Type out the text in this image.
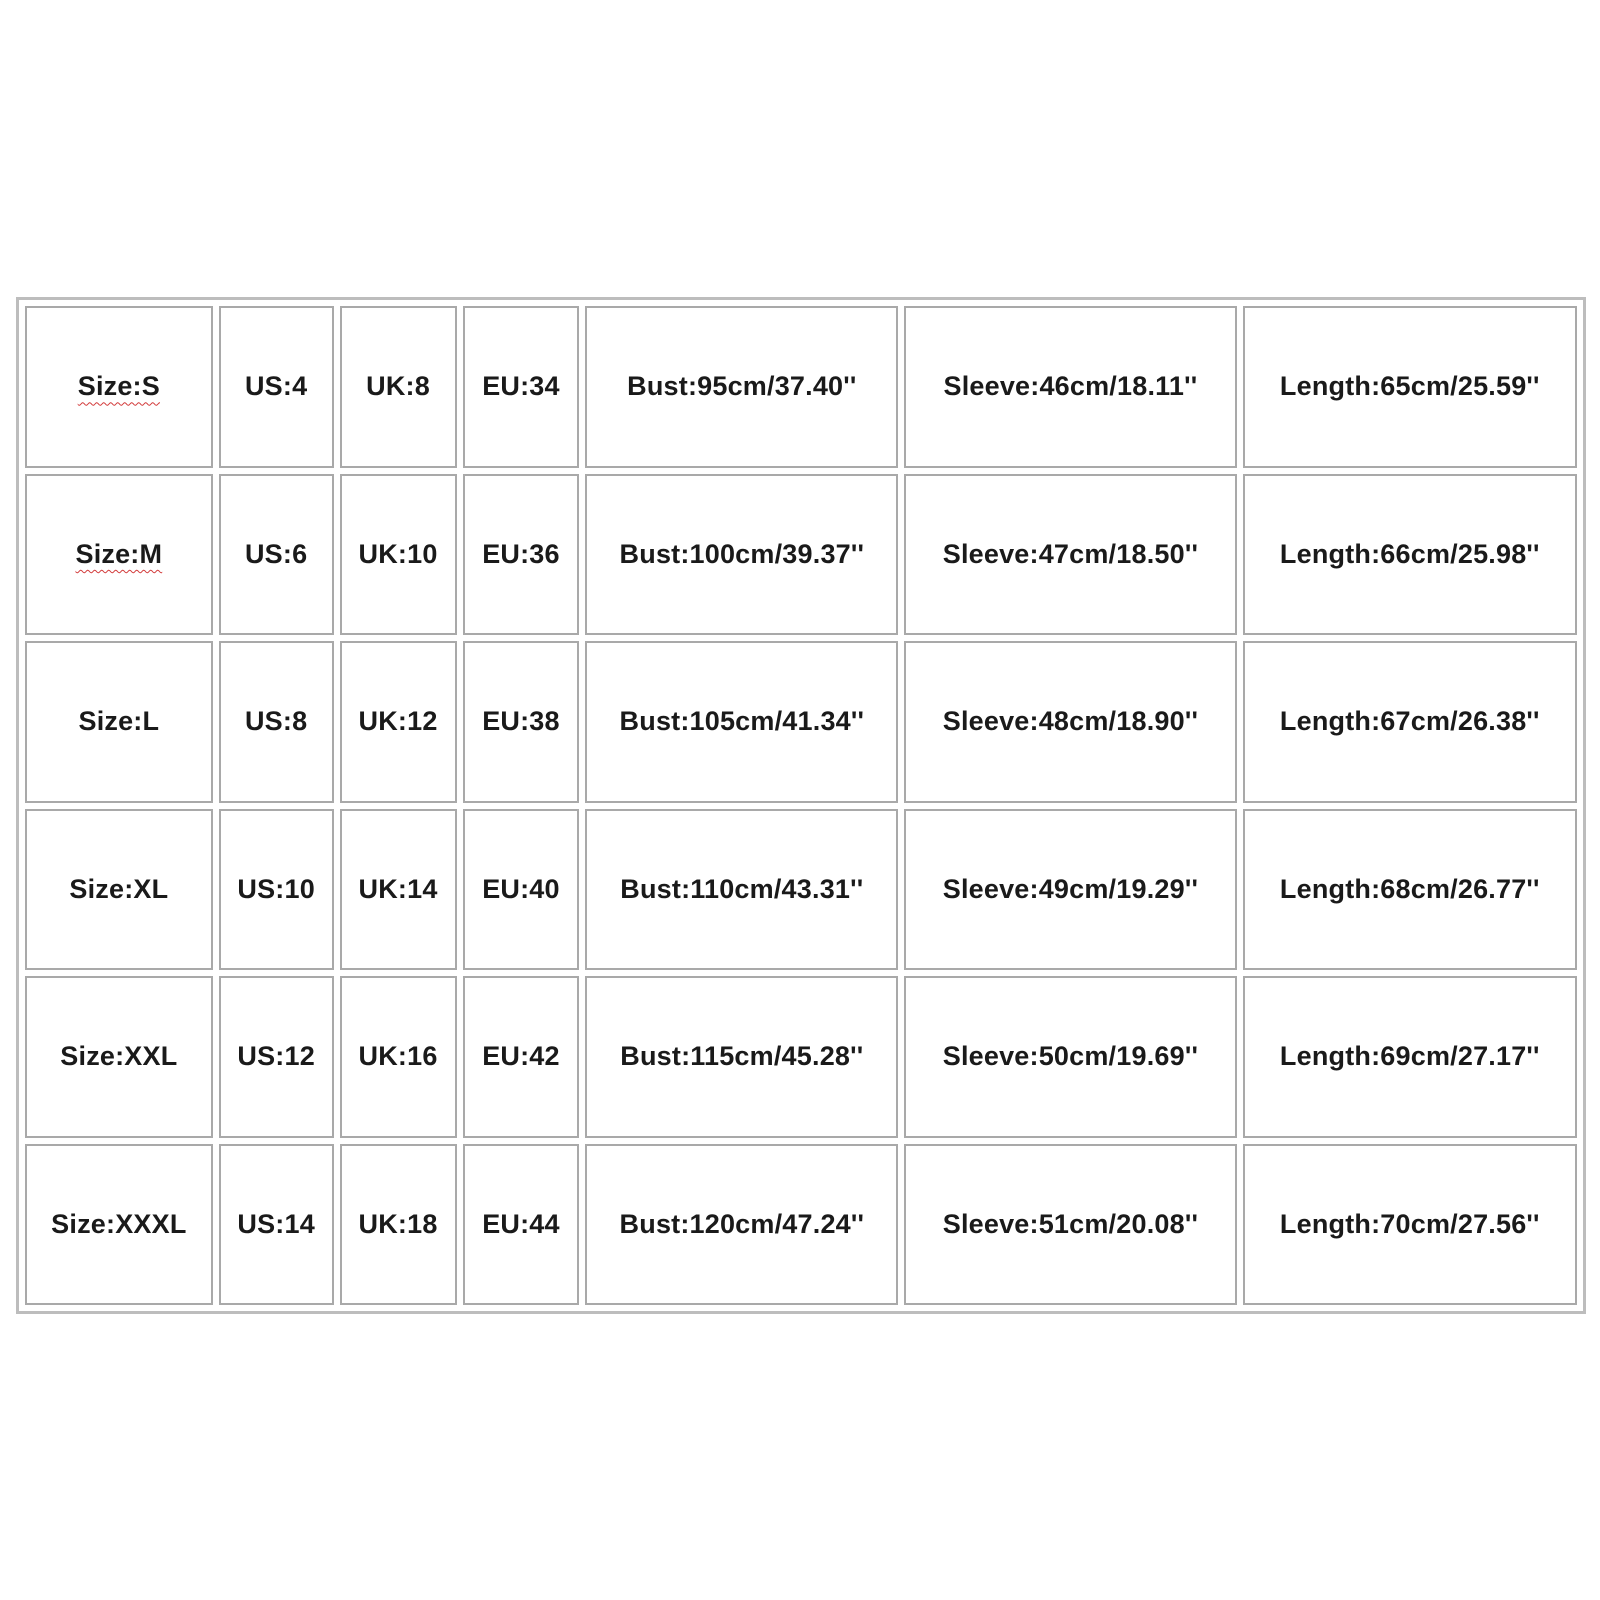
Size:S	US:4	UK:8	EU:34	Bust:95cm/37.40''	Sleeve:46cm/18.11''	Length:65cm/25.59''
Size:M	US:6	UK:10	EU:36	Bust:100cm/39.37''	Sleeve:47cm/18.50''	Length:66cm/25.98''
Size:L	US:8	UK:12	EU:38	Bust:105cm/41.34''	Sleeve:48cm/18.90''	Length:67cm/26.38''
Size:XL	US:10	UK:14	EU:40	Bust:110cm/43.31''	Sleeve:49cm/19.29''	Length:68cm/26.77''
Size:XXL	US:12	UK:16	EU:42	Bust:115cm/45.28''	Sleeve:50cm/19.69''	Length:69cm/27.17''
Size:XXXL	US:14	UK:18	EU:44	Bust:120cm/47.24''	Sleeve:51cm/20.08''	Length:70cm/27.56''
